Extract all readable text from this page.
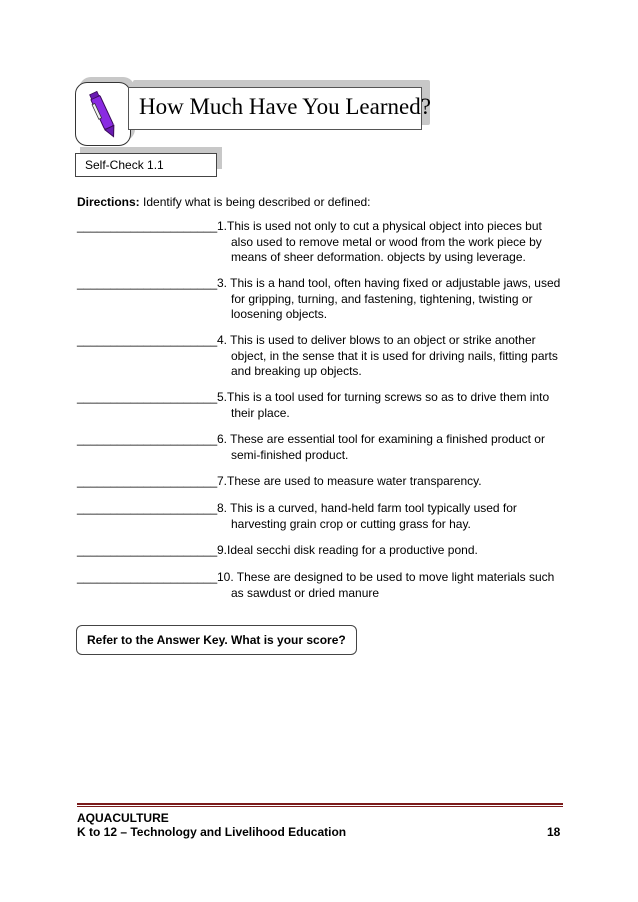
How Much Have You Learned?
Self-Check 1.1
Directions: Identify what is being described or defined:
_____________________ 1.This is used not only to cut a physical object into pieces but
also used to remove metal or wood from the work piece by
means of sheer deformation. objects by using leverage.
_____________________ 3. This is a hand tool, often having fixed or adjustable jaws, used
for gripping, turning, and fastening, tightening, twisting or
loosening objects.
_____________________ 4. This is used to deliver blows to an object or strike another
object, in the sense that it is used for driving nails, fitting parts
and breaking up objects.
_____________________ 5.This is a tool used for turning screws so as to drive them into
their place.
_____________________ 6. These are essential tool for examining a finished product or
semi-finished product.
_____________________ 7.These are used to measure water transparency.
_____________________ 8. This is a curved, hand-held farm tool typically used for
harvesting grain crop or cutting grass for hay.
_____________________ 9.Ideal secchi disk reading for a productive pond.
_____________________ 10. These are designed to be used to move light materials such
as sawdust or dried manure
Refer to the Answer Key. What is your score?
AQUACULTURE
K to 12 – Technology and Livelihood Education	18
